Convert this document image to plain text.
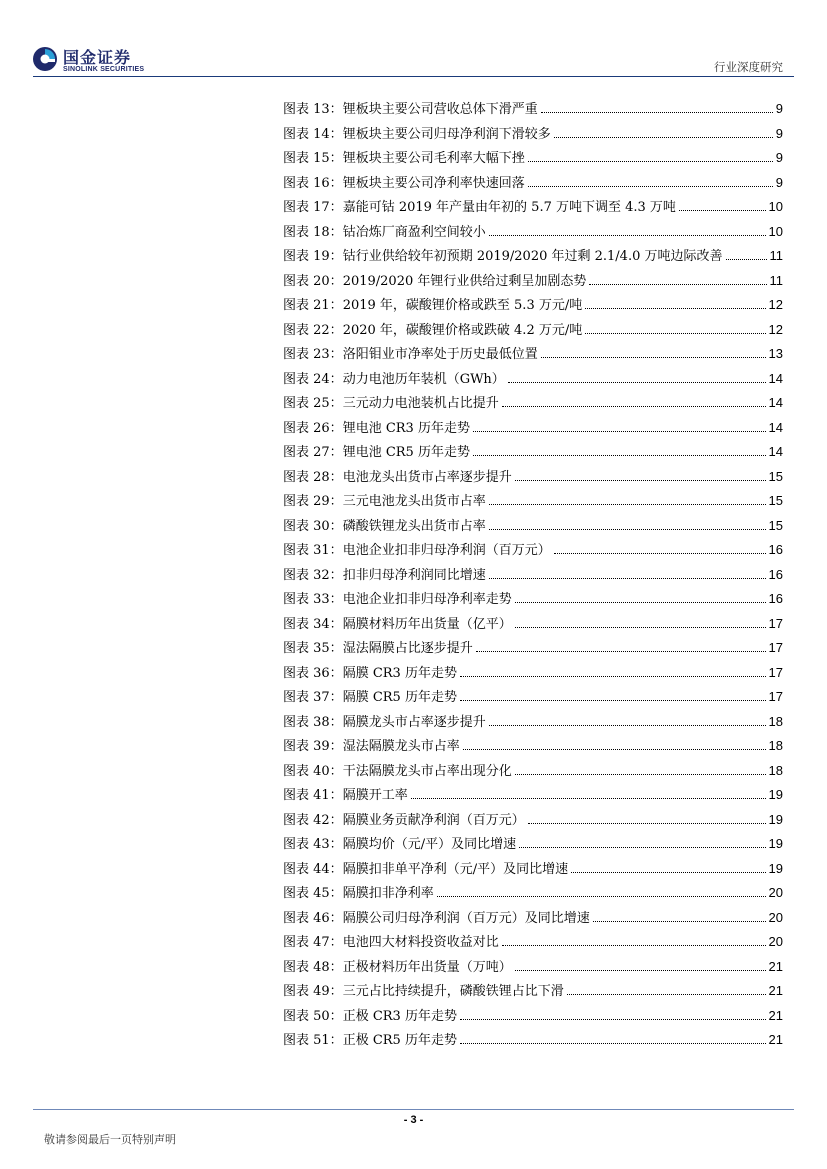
国金证券
SINOLINK SECURITIES	行业深度研究
图表 13： 锂板块主要公司营收总体下滑严重	9
图表 14： 锂板块主要公司归母净利润下滑较多	9
图表 15： 锂板块主要公司毛利率大幅下挫	9
图表 16： 锂板块主要公司净利率快速回落	9
图表 17： 嘉能可钴 2019 年产量由年初的 5.7 万吨下调至 4.3 万吨	10
图表 18： 钴冶炼厂商盈利空间较小	10
图表 19： 钴行业供给较年初预期 2019/2020 年过剩 2.1/4.0 万吨边际改善	11
图表 20： 2019/2020 年锂行业供给过剩呈加剧态势	11
图表 21： 2019 年，碳酸锂价格或跌至 5.3 万元/吨	12
图表 22： 2020 年，碳酸锂价格或跌破 4.2 万元/吨	12
图表 23： 洛阳钼业市净率处于历史最低位置	13
图表 24： 动力电池历年装机（GWh）	14
图表 25： 三元动力电池装机占比提升	14
图表 26： 锂电池 CR3 历年走势	14
图表 27： 锂电池 CR5 历年走势	14
图表 28： 电池龙头出货市占率逐步提升	15
图表 29： 三元电池龙头出货市占率	15
图表 30： 磷酸铁锂龙头出货市占率	15
图表 31： 电池企业扣非归母净利润（百万元）	16
图表 32： 扣非归母净利润同比增速	16
图表 33： 电池企业扣非归母净利率走势	16
图表 34： 隔膜材料历年出货量（亿平）	17
图表 35： 湿法隔膜占比逐步提升	17
图表 36： 隔膜 CR3 历年走势	17
图表 37： 隔膜 CR5 历年走势	17
图表 38： 隔膜龙头市占率逐步提升	18
图表 39： 湿法隔膜龙头市占率	18
图表 40： 干法隔膜龙头市占率出现分化	18
图表 41： 隔膜开工率	19
图表 42： 隔膜业务贡献净利润（百万元）	19
图表 43： 隔膜均价（元/平）及同比增速	19
图表 44： 隔膜扣非单平净利（元/平）及同比增速	19
图表 45： 隔膜扣非净利率	20
图表 46： 隔膜公司归母净利润（百万元）及同比增速	20
图表 47： 电池四大材料投资收益对比	20
图表 48： 正极材料历年出货量（万吨）	21
图表 49： 三元占比持续提升，磷酸铁锂占比下滑	21
图表 50： 正极 CR3 历年走势	21
图表 51： 正极 CR5 历年走势	21
- 3 -
敬请参阅最后一页特别声明
